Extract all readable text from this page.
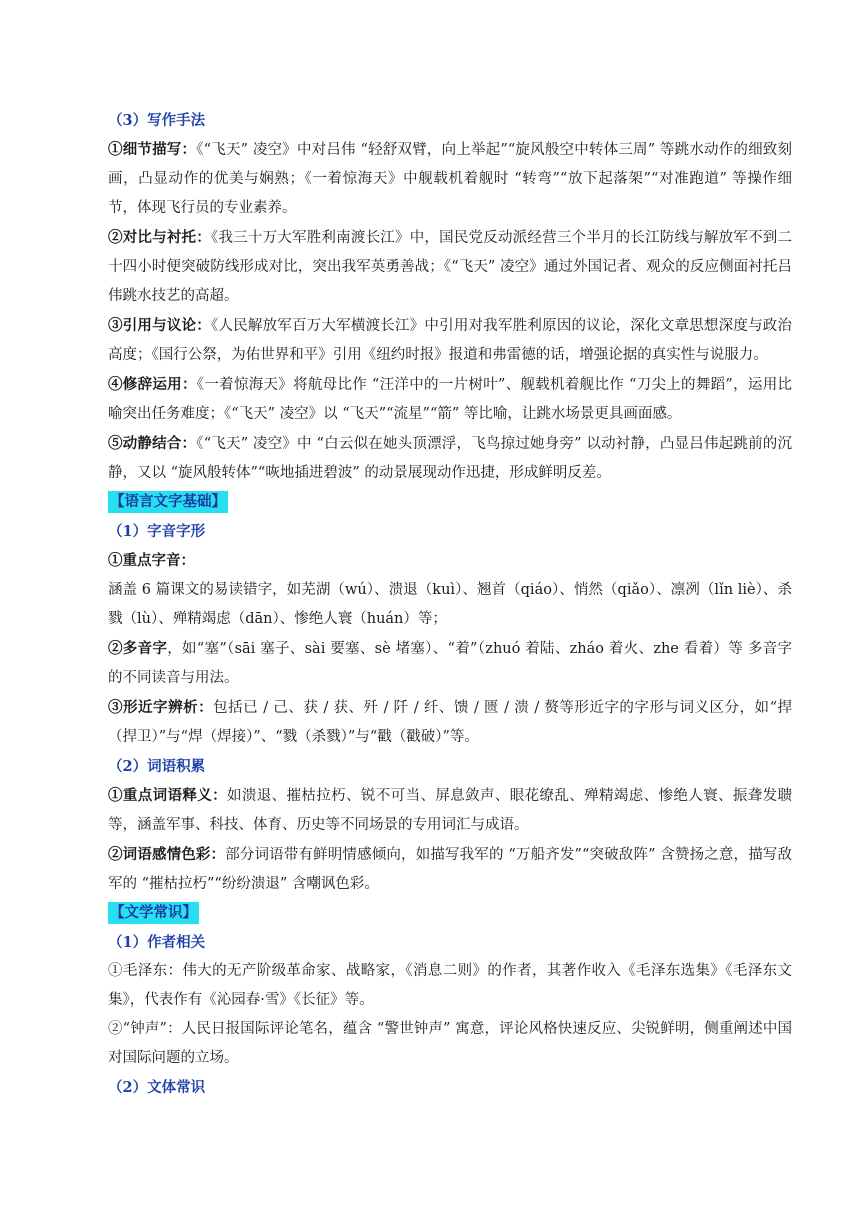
（3）写作手法

①细节描写：《“飞天” 凌空》中对吕伟 “轻舒双臂，向上举起”“旋风般空中转体三周” 等跳水动作的细致刻画，凸显动作的优美与娴熟；《一着惊海天》中舰载机着舰时 “转弯”“放下起落架”“对准跑道” 等操作细节，体现飞行员的专业素养。

②对比与衬托：《我三十万大军胜利南渡长江》中，国民党反动派经营三个半月的长江防线与解放军不到二十四小时便突破防线形成对比，突出我军英勇善战；《“飞天” 凌空》通过外国记者、观众的反应侧面衬托吕伟跳水技艺的高超。

③引用与议论：《人民解放军百万大军横渡长江》中引用对我军胜利原因的议论，深化文章思想深度与政治高度；《国行公祭，为佑世界和平》引用《纽约时报》报道和弗雷德的话，增强论据的真实性与说服力。

④修辞运用：《一着惊海天》将航母比作 “汪洋中的一片树叶”、舰载机着舰比作 “刀尖上的舞蹈”，运用比喻突出任务难度；《“飞天” 凌空》以 “飞天”“流星”“箭” 等比喻，让跳水场景更具画面感。

⑤动静结合：《“飞天” 凌空》中 “白云似在她头顶漂浮，飞鸟掠过她身旁” 以动衬静，凸显吕伟起跳前的沉静，又以 “旋风般转体”“咴地插进碧波” 的动景展现动作迅捷，形成鲜明反差。

【语言文字基础】

（1）字音字形

①重点字音：

涵盖 6 篇课文的易读错字，如芜湖（wú）、溃退（kuì）、翘首（qiáo）、悄然（qiǎo）、凛冽（lǐn liè）、杀戮（lù）、殚精竭虑（dān）、惨绝人寰（huán）等；

②多音字，如“塞”（sāi 塞子、sài 要塞、sè 堵塞）、“着”（zhuó 着陆、zháo 着火、zhe 看着）等 多音字的不同读音与用法。

③形近字辨析：包括已 / 己、获 / 获、歼 / 阡 / 纤、馈 / 匮 / 溃 / 赘等形近字的字形与词义区分，如“捍（捍卫）”与“焊（焊接）”、“戮（杀戮）”与“戳（戳破）”等。

（2）词语积累

①重点词语释义：如溃退、摧枯拉朽、锐不可当、屏息敛声、眼花缭乱、殚精竭虑、惨绝人寰、振聋发聩等，涵盖军事、科技、体育、历史等不同场景的专用词汇与成语。

②词语感情色彩：部分词语带有鲜明情感倾向，如描写我军的 “万船齐发”“突破敌阵” 含赞扬之意，描写敌军的 “摧枯拉朽”“纷纷溃退” 含嘲讽色彩。

【文学常识】

（1）作者相关

①毛泽东：伟大的无产阶级革命家、战略家，《消息二则》的作者，其著作收入《毛泽东选集》《毛泽东文集》，代表作有《沁园春·雪》《长征》等。

②“钟声”：人民日报国际评论笔名，蕴含 “警世钟声” 寓意，评论风格快速反应、尖锐鲜明，侧重阐述中国对国际问题的立场。

（2）文体常识
